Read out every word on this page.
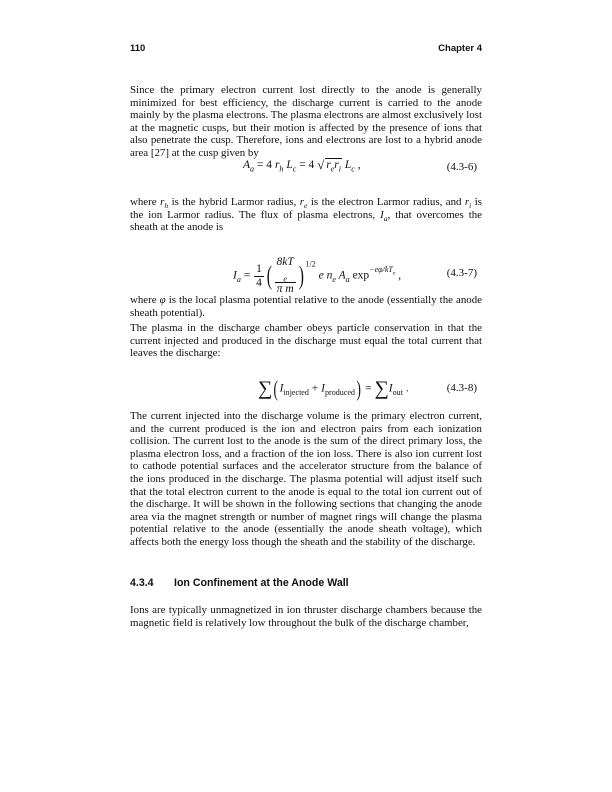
110	Chapter 4
Since the primary electron current lost directly to the anode is generally minimized for best efficiency, the discharge current is carried to the anode mainly by the plasma electrons. The plasma electrons are almost exclusively lost at the magnetic cusps, but their motion is affected by the presence of ions that also penetrate the cusp. Therefore, ions and electrons are lost to a hybrid anode area [27] at the cusp given by
$A_a = 4$ $r_h$ $L_c = 4$ √ $r_er_i$ $L_c$ ,	(4.3-6)
where $r_h$ is the hybrid Larmor radius, $r_e$ is the electron Larmor radius, and $r_i$ is the ion Larmor radius. The flux of plasma electrons, $I_a$, that overcomes the sheath at the anode is
$I_a = \frac{1}{4}$ ( 8kT
$_e$
π m ) $^{1/2}$ e $n_e$ $A_a$ $\exp^{-e\varphi/kT_e}$ ,	(4.3-7)
where φ is the local plasma potential relative to the anode (essentially the anode sheath potential).
The plasma in the discharge chamber obeys particle conservation in that the current injected and produced in the discharge must equal the total current that leaves the discharge:
$\sum(I_{injected} + I_{produced}) = \sum I_{out}$ .	(4.3-8)
The current injected into the discharge volume is the primary electron current, and the current produced is the ion and electron pairs from each ionization collision. The current lost to the anode is the sum of the direct primary loss, the plasma electron loss, and a fraction of the ion loss. There is also ion current lost to cathode potential surfaces and the accelerator structure from the balance of the ions produced in the discharge. The plasma potential will adjust itself such that the total electron current to the anode is equal to the total ion current out of the discharge. It will be shown in the following sections that changing the anode area via the magnet strength or number of magnet rings will change the plasma potential relative to the anode (essentially the anode sheath voltage), which affects both the energy loss though the sheath and the stability of the discharge.
4.3.4 Ion Confinement at the Anode Wall
Ions are typically unmagnetized in ion thruster discharge chambers because the magnetic field is relatively low throughout the bulk of the discharge chamber,
